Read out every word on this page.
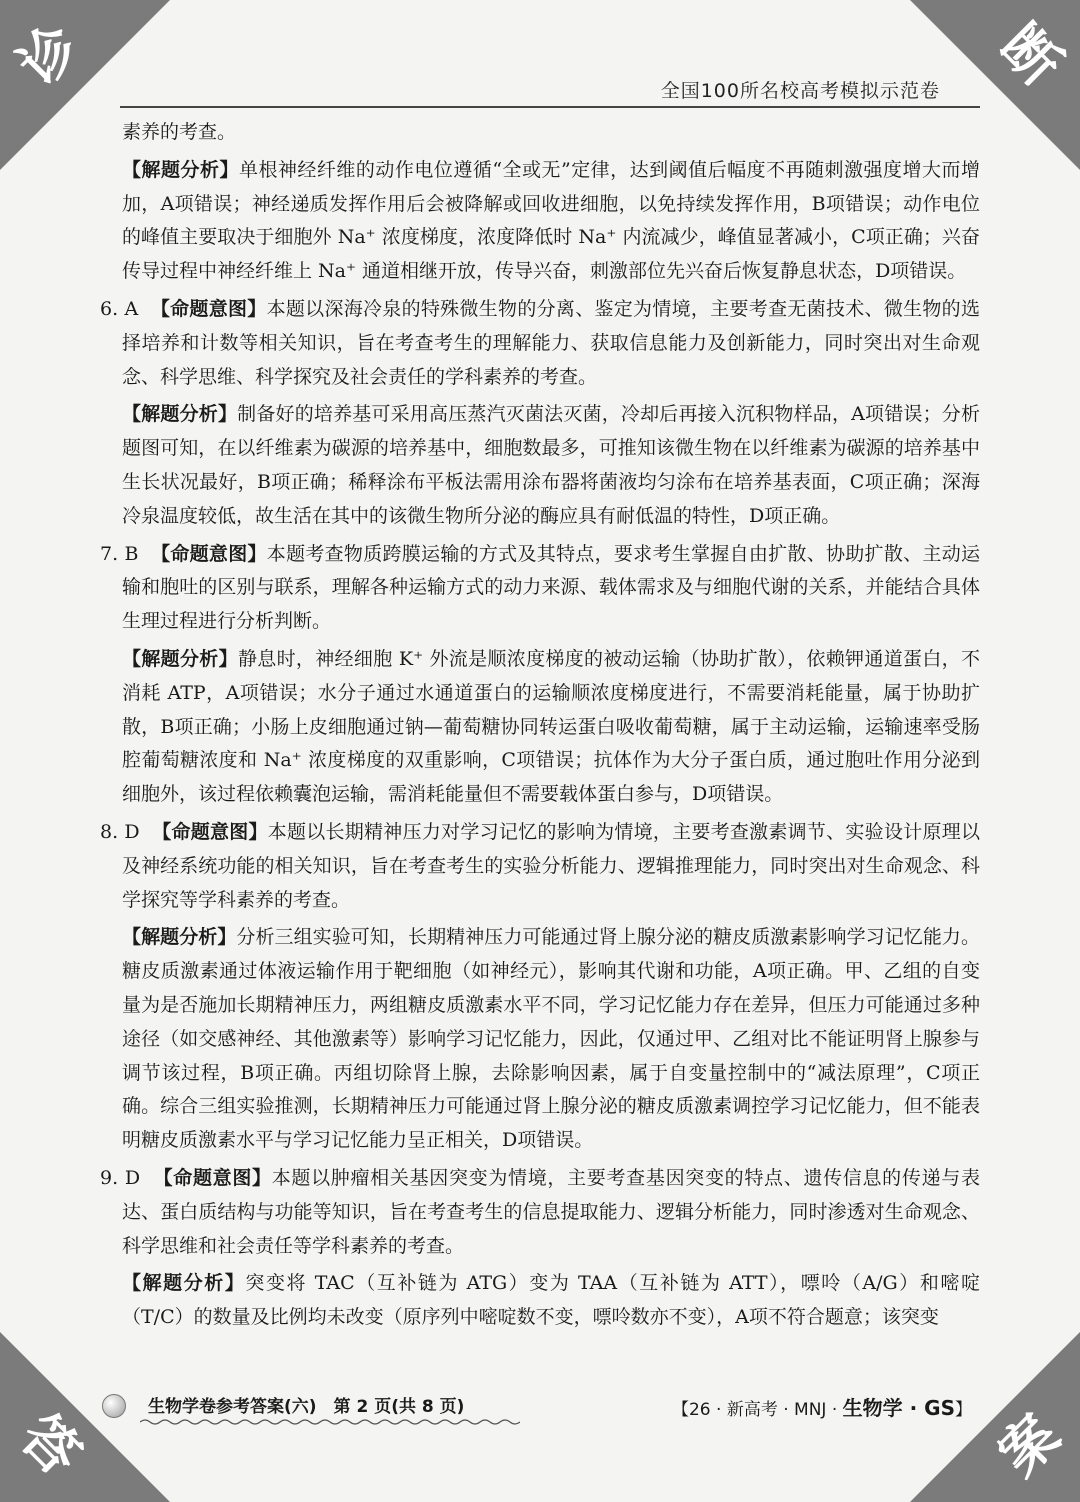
诊	断
答	案
全国100所名校高考模拟示范卷

素养的考查。

【解题分析】单根神经纤维的动作电位遵循“全或无”定律，达到阈值后幅度不再随刺激强度增大而增加，A项错误；神经递质发挥作用后会被降解或回收进细胞，以免持续发挥作用，B项错误；动作电位的峰值主要取决于细胞外 Na⁺ 浓度梯度，浓度降低时 Na⁺ 内流减少，峰值显著减小，C项正确；兴奋传导过程中神经纤维上 Na⁺ 通道相继开放，传导兴奋，刺激部位先兴奋后恢复静息状态，D项错误。

6. A 【命题意图】本题以深海冷泉的特殊微生物的分离、鉴定为情境，主要考查无菌技术、微生物的选择培养和计数等相关知识，旨在考查考生的理解能力、获取信息能力及创新能力，同时突出对生命观念、科学思维、科学探究及社会责任的学科素养的考查。

【解题分析】制备好的培养基可采用高压蒸汽灭菌法灭菌，冷却后再接入沉积物样品，A项错误；分析题图可知，在以纤维素为碳源的培养基中，细胞数最多，可推知该微生物在以纤维素为碳源的培养基中生长状况最好，B项正确；稀释涂布平板法需用涂布器将菌液均匀涂布在培养基表面，C项正确；深海冷泉温度较低，故生活在其中的该微生物所分泌的酶应具有耐低温的特性，D项正确。

7. B 【命题意图】本题考查物质跨膜运输的方式及其特点，要求考生掌握自由扩散、协助扩散、主动运输和胞吐的区别与联系，理解各种运输方式的动力来源、载体需求及与细胞代谢的关系，并能结合具体生理过程进行分析判断。

【解题分析】静息时，神经细胞 K⁺ 外流是顺浓度梯度的被动运输（协助扩散），依赖钾通道蛋白，不消耗 ATP，A项错误；水分子通过水通道蛋白的运输顺浓度梯度进行，不需要消耗能量，属于协助扩散，B项正确；小肠上皮细胞通过钠—葡萄糖协同转运蛋白吸收葡萄糖，属于主动运输，运输速率受肠腔葡萄糖浓度和 Na⁺ 浓度梯度的双重影响，C项错误；抗体作为大分子蛋白质，通过胞吐作用分泌到细胞外，该过程依赖囊泡运输，需消耗能量但不需要载体蛋白参与，D项错误。

8. D 【命题意图】本题以长期精神压力对学习记忆的影响为情境，主要考查激素调节、实验设计原理以及神经系统功能的相关知识，旨在考查考生的实验分析能力、逻辑推理能力，同时突出对生命观念、科学探究等学科素养的考查。

【解题分析】分析三组实验可知，长期精神压力可能通过肾上腺分泌的糖皮质激素影响学习记忆能力。糖皮质激素通过体液运输作用于靶细胞（如神经元），影响其代谢和功能，A项正确。甲、乙组的自变量为是否施加长期精神压力，两组糖皮质激素水平不同，学习记忆能力存在差异，但压力可能通过多种途径（如交感神经、其他激素等）影响学习记忆能力，因此，仅通过甲、乙组对比不能证明肾上腺参与调节该过程，B项正确。丙组切除肾上腺，去除影响因素，属于自变量控制中的“减法原理”，C项正确。综合三组实验推测，长期精神压力可能通过肾上腺分泌的糖皮质激素调控学习记忆能力，但不能表明糖皮质激素水平与学习记忆能力呈正相关，D项错误。

9. D 【命题意图】本题以肿瘤相关基因突变为情境，主要考查基因突变的特点、遗传信息的传递与表达、蛋白质结构与功能等知识，旨在考查考生的信息提取能力、逻辑分析能力，同时渗透对生命观念、科学思维和社会责任等学科素养的考查。

【解题分析】突变将 TAC（互补链为 ATG）变为 TAA（互补链为 ATT），嘌呤（A/G）和嘧啶（T/C）的数量及比例均未改变（原序列中嘧啶数不变，嘌呤数亦不变），A项不符合题意；该突变

生物学卷参考答案(六)　第 2 页(共 8 页)	【26 · 新高考 · MNJ · 生物学 · GS】
